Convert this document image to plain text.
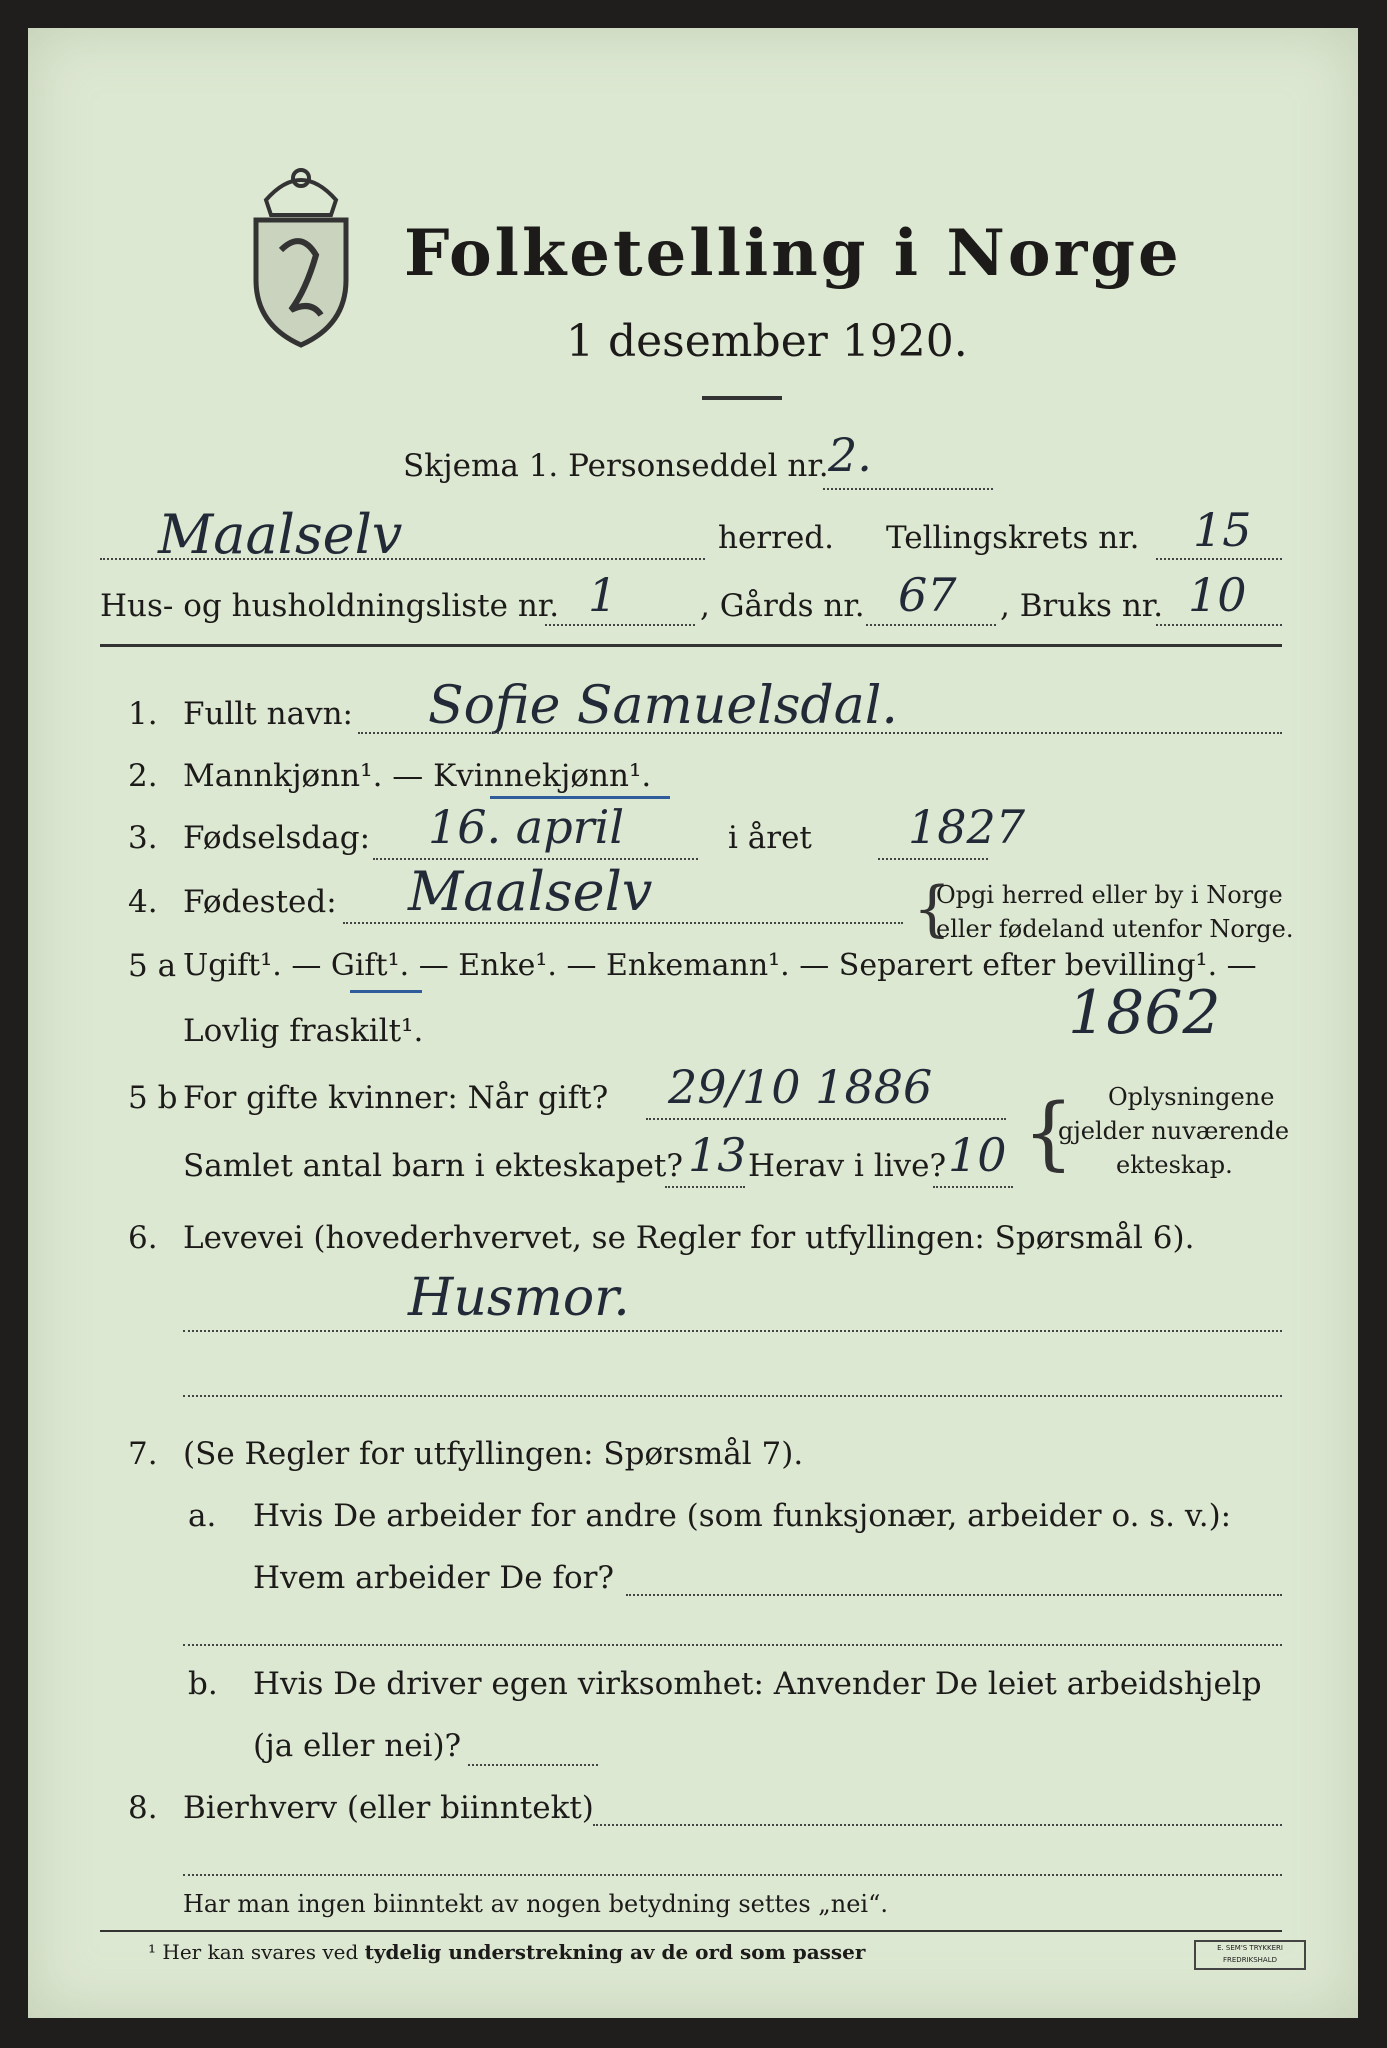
Folketelling i Norge
1 desember 1920.
Skjema 1. Personseddel nr. 2.
Maalselv	herred. Tellingskrets nr. 15
Hus- og husholdningsliste nr. 1	, Gårds nr. 67 , Bruks nr. 10
1. Fullt navn: Sofie Samuelsdal.
2. Mannkjønn¹. — Kvinnekjønn¹.
3. Fødselsdag: 16. april	i året 1827
4. Fødested: Maalselv	{
Opgi herred eller by i Norge
eller fødeland utenfor Norge.
5 a Ugift¹. — Gift¹. — Enke¹. — Enkemann¹. — Separert efter bevilling¹. —
Lovlig fraskilt¹.	1862
5 b For gifte kvinner: Når gift? 29/10 1886
Samlet antal barn i ekteskapet? 13 Herav i live? 10 { Oplysningene
gjelder nuværende
ekteskap.
6. Levevei (hovederhvervet, se Regler for utfyllingen: Spørsmål 6).
Husmor.
7. (Se Regler for utfyllingen: Spørsmål 7).
a. Hvis De arbeider for andre (som funksjonær, arbeider o. s. v.):
Hvem arbeider De for?
b. Hvis De driver egen virksomhet: Anvender De leiet arbeidshjelp
(ja eller nei)?
8. Bierhverv (eller biinntekt)
Har man ingen biinntekt av nogen betydning settes „nei“.
¹ Her kan svares ved tydelig understrekning av de ord som passer	E. SEM'S TRYKKERI FREDRIKSHALD
